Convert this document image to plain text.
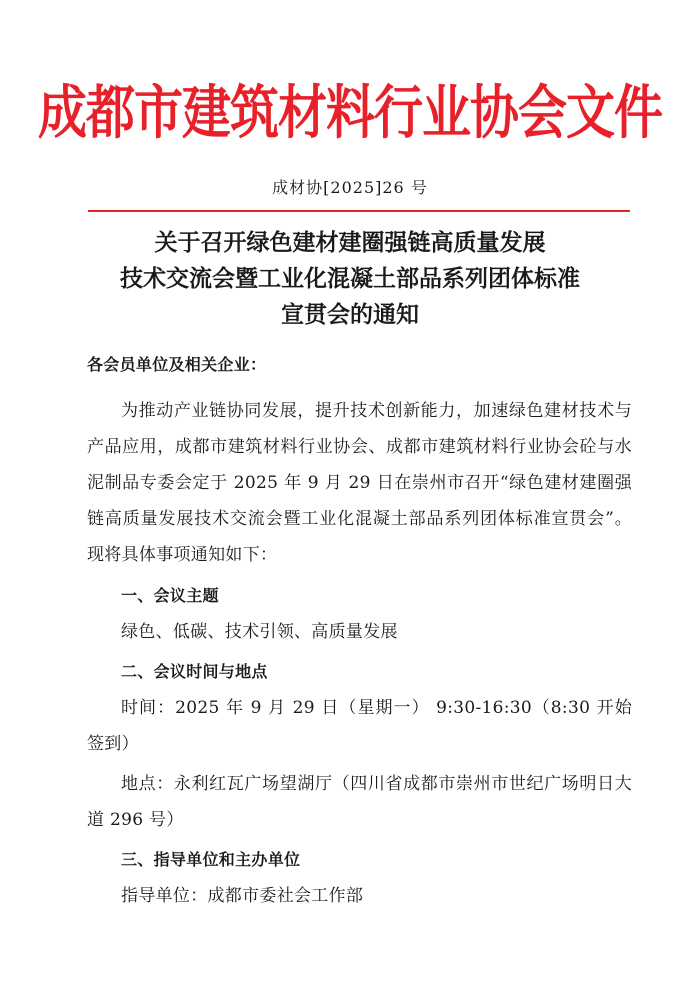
成都市建筑材料行业协会文件
成材协[2025]26 号
关于召开绿色建材建圈强链高质量发展
技术交流会暨工业化混凝土部品系列团体标准
宣贯会的通知
各会员单位及相关企业：
为推动产业链协同发展，提升技术创新能力，加速绿色建材技术与产品应用，成都市建筑材料行业协会、成都市建筑材料行业协会砼与水泥制品专委会定于 2025 年 9 月 29 日在崇州市召开“绿色建材建圈强链高质量发展技术交流会暨工业化混凝土部品系列团体标准宣贯会”。现将具体事项通知如下：
一、会议主题
绿色、低碳、技术引领、高质量发展
二、会议时间与地点
时间：2025 年 9 月 29 日（星期一） 9:30-16:30（8:30 开始签到）
地点：永利红瓦广场望湖厅（四川省成都市崇州市世纪广场明日大道 296 号）
三、指导单位和主办单位
指导单位：成都市委社会工作部
